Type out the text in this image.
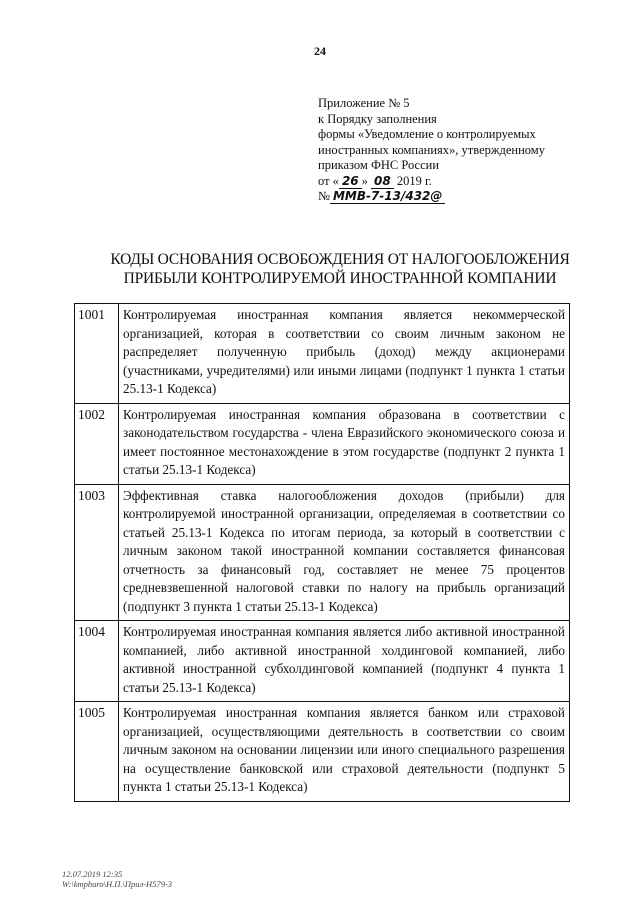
24
Приложение № 5
к Порядку заполнения
формы «Уведомление о контролируемых
иностранных компаниях», утвержденному
приказом ФНС России
от « 26 » 08 2019 г.
№ ММВ-7-13/432@
КОДЫ ОСНОВАНИЯ ОСВОБОЖДЕНИЯ ОТ НАЛОГООБЛОЖЕНИЯ
ПРИБЫЛИ КОНТРОЛИРУЕМОЙ ИНОСТРАННОЙ КОМПАНИИ
1001	Контролируемая иностранная компания является некоммерческой организацией, которая в соответствии со своим личным законом не распределяет полученную прибыль (доход) между акционерами (участниками, учредителями) или иными лицами (подпункт 1 пункта 1 статьи 25.13-1 Кодекса)
1002	Контролируемая иностранная компания образована в соответствии с законодательством государства - члена Евразийского экономического союза и имеет постоянное местонахождение в этом государстве (подпункт 2 пункта 1 статьи 25.13-1 Кодекса)
1003	Эффективная ставка налогообложения доходов (прибыли) для контролируемой иностранной организации, определяемая в соответствии со статьей 25.13-1 Кодекса по итогам периода, за который в соответствии с личным законом такой иностранной компании составляется финансовая отчетность за финансовый год, составляет не менее 75 процентов средневзвешенной налоговой ставки по налогу на прибыль организаций (подпункт 3 пункта 1 статьи 25.13-1 Кодекса)
1004	Контролируемая иностранная компания является либо активной иностранной компанией, либо активной иностранной холдинговой компанией, либо активной иностранной субхолдинговой компанией (подпункт 4 пункта 1 статьи 25.13-1 Кодекса)
1005	Контролируемая иностранная компания является банком или страховой организацией, осуществляющими деятельность в соответствии со своим личным законом на основании лицензии или иного специального разрешения на осуществление банковской или страховой деятельности (подпункт 5 пункта 1 статьи 25.13-1 Кодекса)
12.07.2019 12:35
W:\kmpburo\Н.П.\Прил-Н579-3
